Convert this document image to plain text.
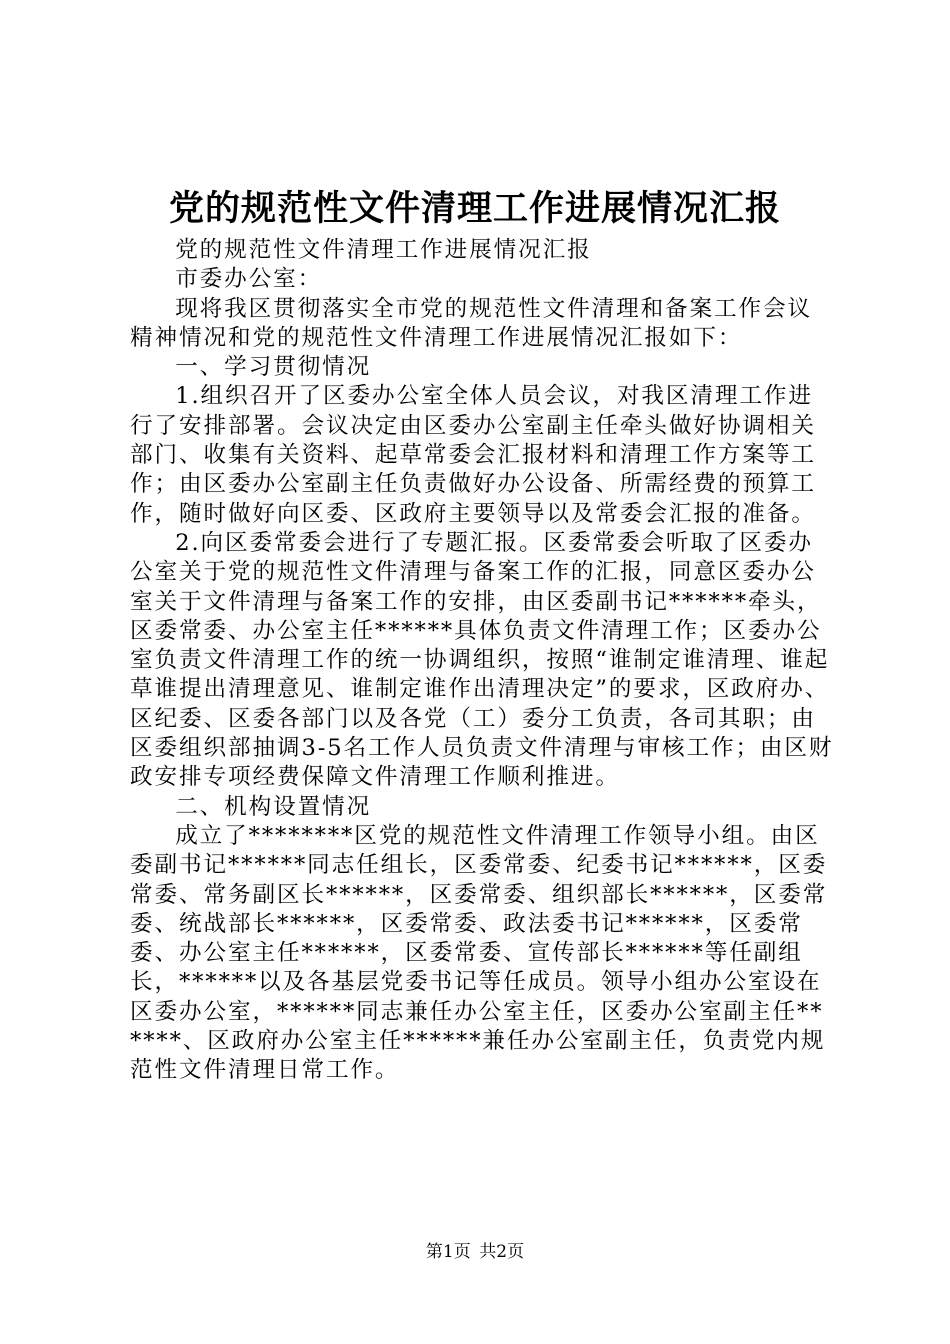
党的规范性文件清理工作进展情况汇报

党的规范性文件清理工作进展情况汇报

市委办公室：

现将我区贯彻落实全市党的规范性文件清理和备案工作会议精神情况和党的规范性文件清理工作进展情况汇报如下：

一、学习贯彻情况

1.组织召开了区委办公室全体人员会议，对我区清理工作进行了安排部署。会议决定由区委办公室副主任牵头做好协调相关部门、收集有关资料、起草常委会汇报材料和清理工作方案等工作；由区委办公室副主任负责做好办公设备、所需经费的预算工作，随时做好向区委、区政府主要领导以及常委会汇报的准备。

2.向区委常委会进行了专题汇报。区委常委会听取了区委办公室关于党的规范性文件清理与备案工作的汇报，同意区委办公室关于文件清理与备案工作的安排，由区委副书记******牵头，区委常委、办公室主任******具体负责文件清理工作；区委办公室负责文件清理工作的统一协调组织，按照“谁制定谁清理、谁起草谁提出清理意见、谁制定谁作出清理决定”的要求，区政府办、区纪委、区委各部门以及各党（工）委分工负责，各司其职；由区委组织部抽调3-5名工作人员负责文件清理与审核工作；由区财政安排专项经费保障文件清理工作顺利推进。

二、机构设置情况

成立了********区党的规范性文件清理工作领导小组。由区委副书记******同志任组长，区委常委、纪委书记******，区委常委、常务副区长******，区委常委、组织部长******，区委常委、统战部长******，区委常委、政法委书记******，区委常委、办公室主任******，区委常委、宣传部长******等任副组长，******以及各基层党委书记等任成员。领导小组办公室设在区委办公室，******同志兼任办公室主任，区委办公室副主任******、区政府办公室主任******兼任办公室副主任，负责党内规范性文件清理日常工作。

第1页  共2页
